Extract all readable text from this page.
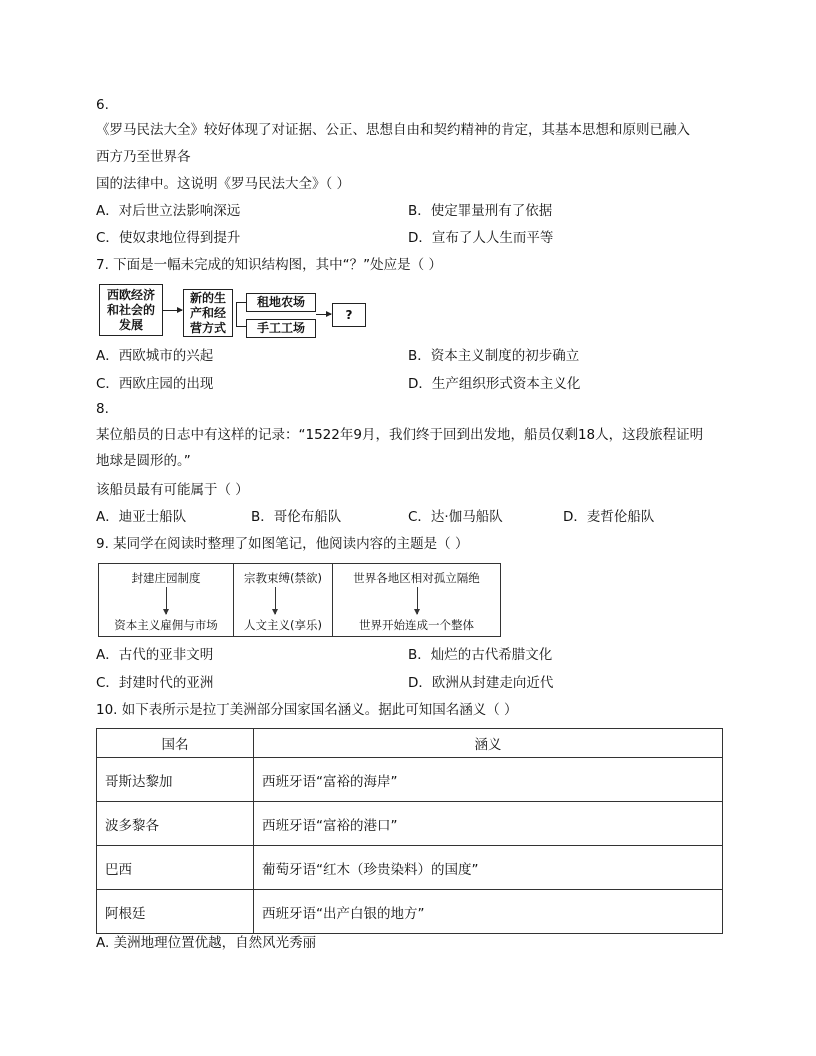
6.
《罗马民法大全》较好体现了对证据、公正、思想自由和契约精神的肯定，其基本思想和原则已融入
西方乃至世界各
国的法律中。这说明《罗马民法大全》（ ）
A．对后世立法影响深远	B．使定罪量刑有了依据
C．使奴隶地位得到提升	D．宣布了人人生而平等
7. 下面是一幅未完成的知识结构图，其中“？”处应是（ ）
西欧经济和社会的发展
新的生产和经营方式
租地农场
手工工场
?
A．西欧城市的兴起	B．资本主义制度的初步确立
C．西欧庄园的出现	D．生产组织形式资本主义化
8.
某位船员的日志中有这样的记录：“1522年9月，我们终于回到出发地，船员仅剩18人，这段旅程证明
地球是圆形的。”
该船员最有可能属于（ ）
A．迪亚士船队	B．哥伦布船队	C．达·伽马船队	D．麦哲伦船队
9. 某同学在阅读时整理了如图笔记，他阅读内容的主题是（ ）
封建庄园制度
资本主义雇佣与市场
宗教束缚(禁欲)
人文主义(享乐)
世界各地区相对孤立隔绝
世界开始连成一个整体
A．古代的亚非文明	B．灿烂的古代希腊文化
C．封建时代的亚洲	D．欧洲从封建走向近代
10. 如下表所示是拉丁美洲部分国家国名涵义。据此可知国名涵义（ ）
国名	涵义
哥斯达黎加	西班牙语“富裕的海岸”
波多黎各	西班牙语“富裕的港口”
巴西	葡萄牙语“红木（珍贵染料）的国度”
阿根廷	西班牙语“出产白银的地方”
A. 美洲地理位置优越，自然风光秀丽
